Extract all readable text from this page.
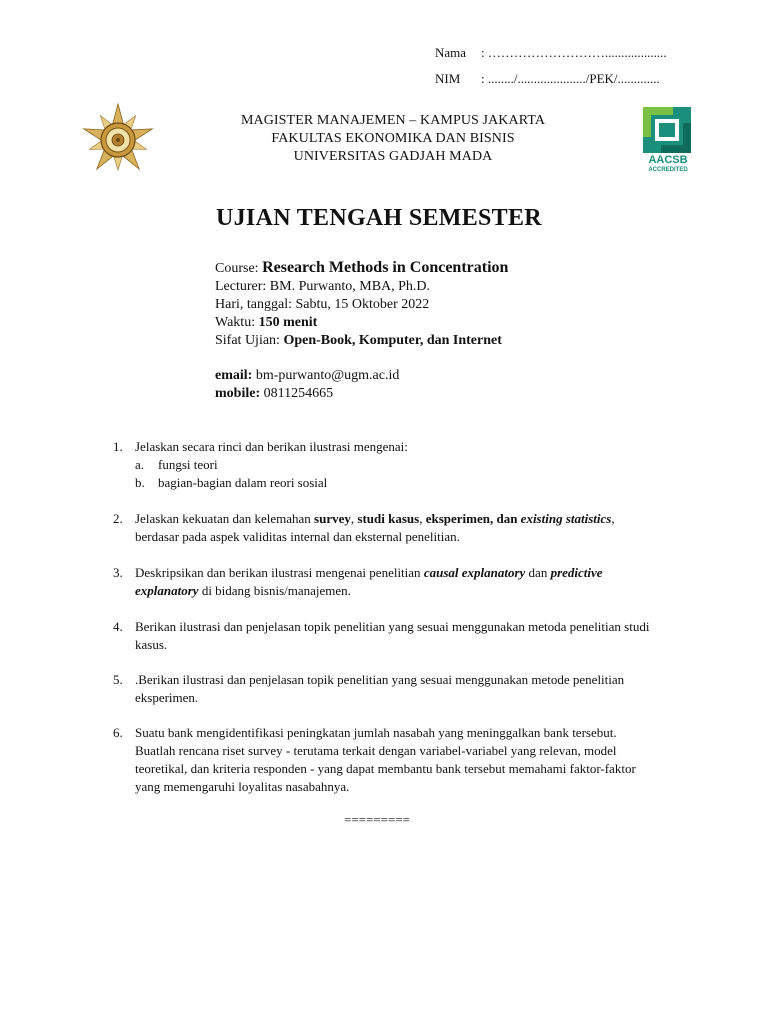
Nama : ………………………...................
NIM : ......../...................../PEK/.............
MAGISTER MANAJEMEN – KAMPUS JAKARTA
FAKULTAS EKONOMIKA DAN BISNIS
UNIVERSITAS GADJAH MADA	AACSB
ACCREDITED
UJIAN TENGAH SEMESTER
Course: Research Methods in Concentration
Lecturer: BM. Purwanto, MBA, Ph.D.
Hari, tanggal: Sabtu, 15 Oktober 2022
Waktu: 150 menit
Sifat Ujian: Open-Book, Komputer, dan Internet
email: bm-purwanto@ugm.ac.id
mobile: 0811254665
1. Jelaskan secara rinci dan berikan ilustrasi mengenai:
a. fungsi teori
b. bagian-bagian dalam reori sosial
2. Jelaskan kekuatan dan kelemahan survey, studi kasus, eksperimen, dan existing statistics, berdasar pada aspek validitas internal dan eksternal penelitian.
3. Deskripsikan dan berikan ilustrasi mengenai penelitian causal explanatory dan predictive explanatory di bidang bisnis/manajemen.
4. Berikan ilustrasi dan penjelasan topik penelitian yang sesuai menggunakan metoda penelitian studi kasus.
5. .Berikan ilustrasi dan penjelasan topik penelitian yang sesuai menggunakan metode penelitian eksperimen.
6. Suatu bank mengidentifikasi peningkatan jumlah nasabah yang meninggalkan bank tersebut. Buatlah rencana riset survey - terutama terkait dengan variabel-variabel yang relevan, model teoretikal, dan kriteria responden - yang dapat membantu bank tersebut memahami faktor-faktor yang memengaruhi loyalitas nasabahnya.
=========
